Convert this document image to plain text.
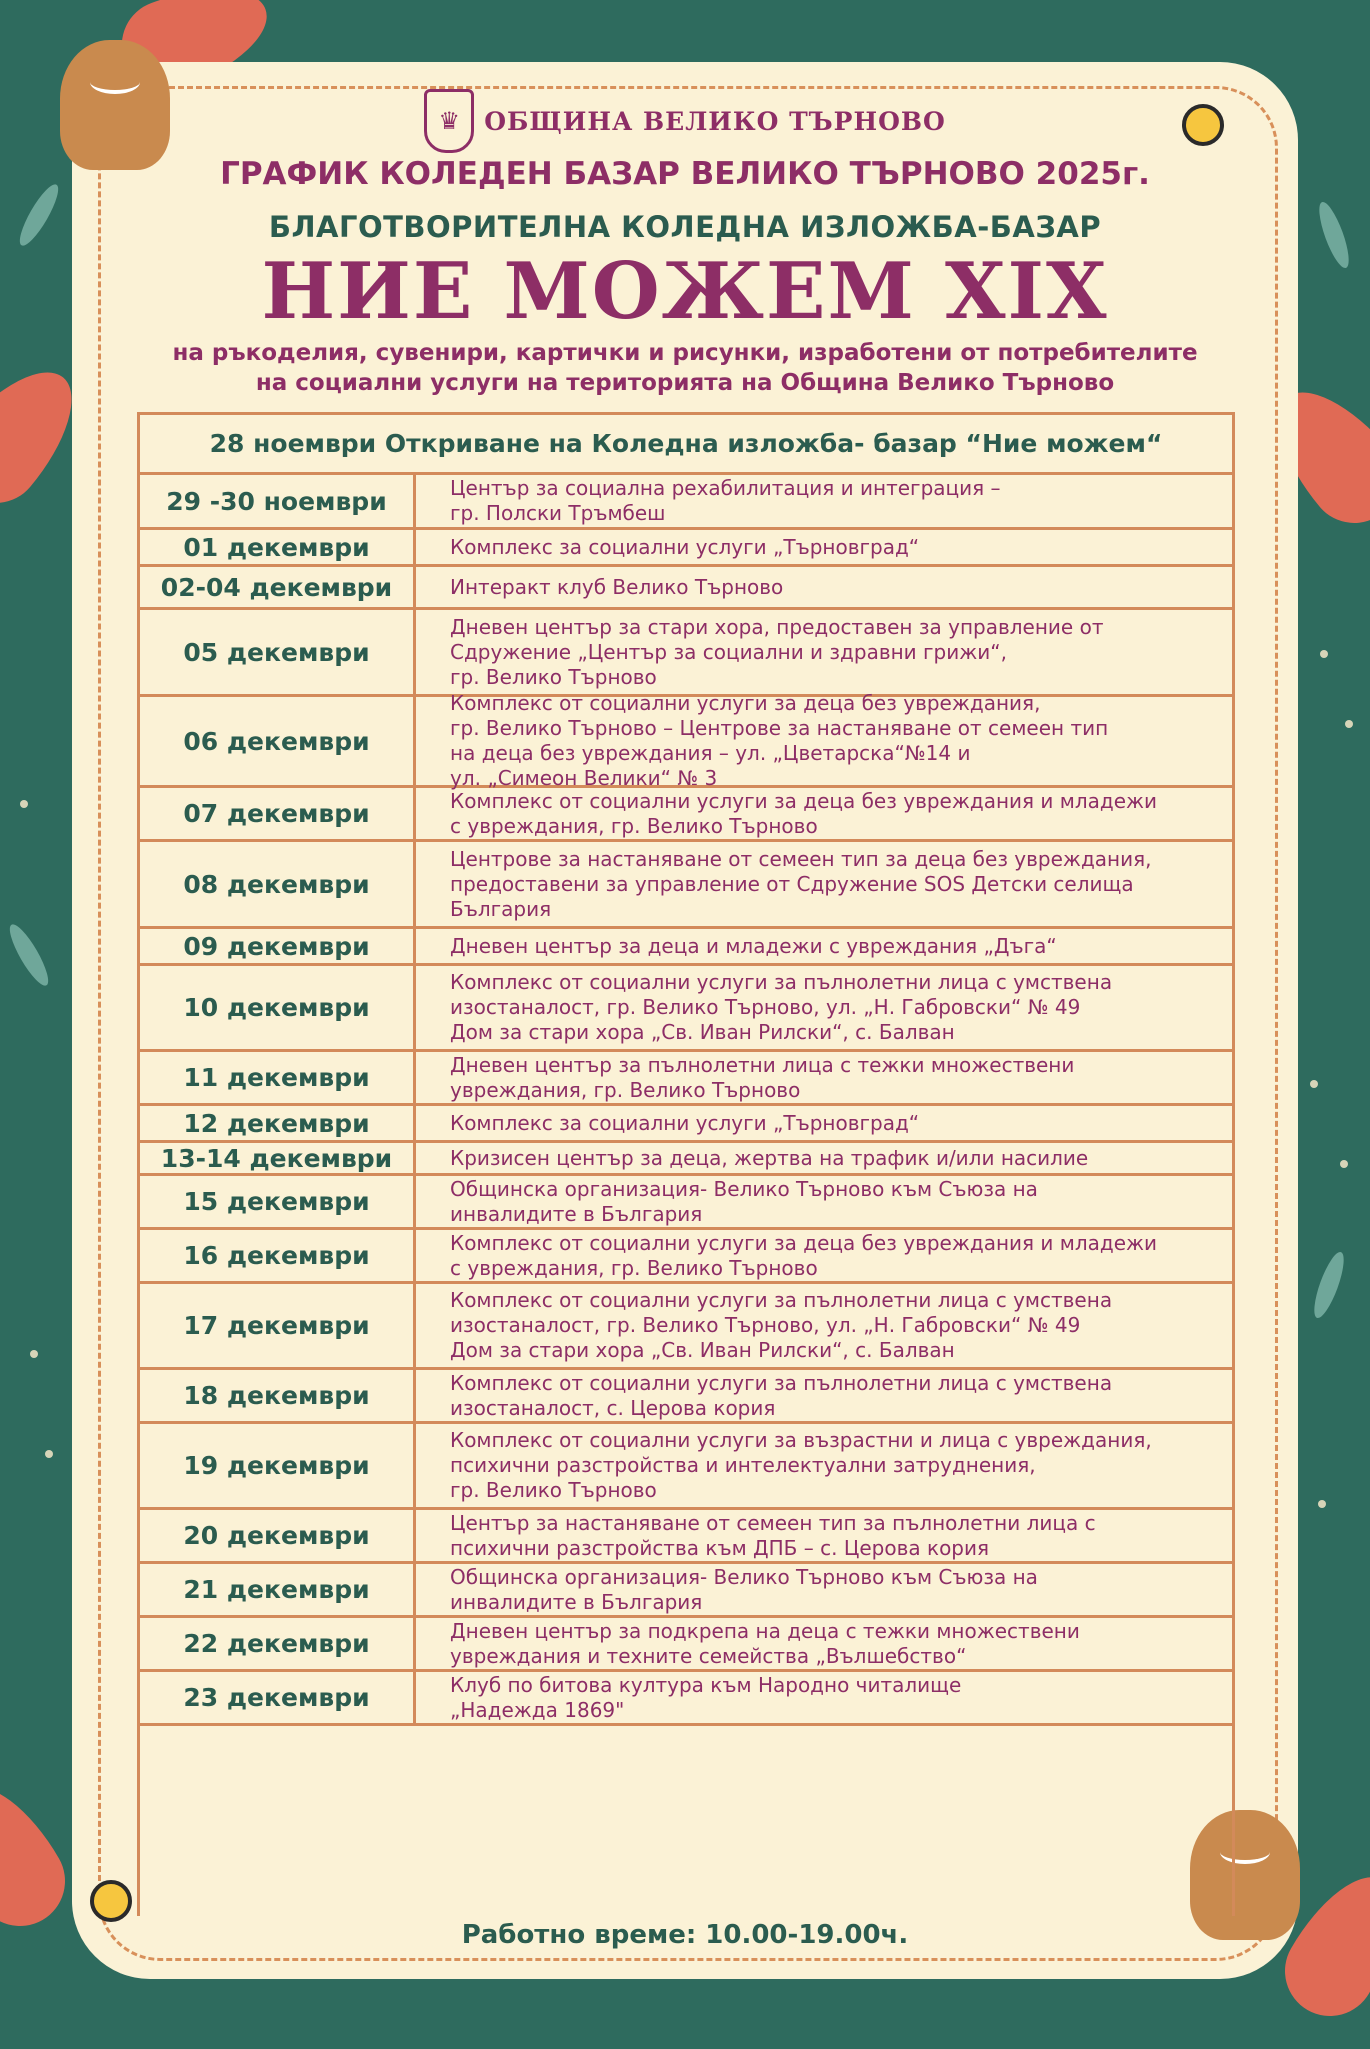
♛ ОБЩИНА ВЕЛИКО ТЪРНОВО
ГРАФИК КОЛЕДЕН БАЗАР ВЕЛИКО ТЪРНОВО 2025г.
БЛАГОТВОРИТЕЛНА КОЛЕДНА ИЗЛОЖБА-БАЗАР
НИЕ МОЖЕМ XIX
на ръкоделия, сувенири, картички и рисунки, изработени от потребителите
на социални услуги на територията на Община Велико Търново
28 ноември Откриване на Коледна изложба- базар “Ние можем“
29 -30 ноември	Център за социална рехабилитация и интеграция –
гр. Полски Тръмбеш
01 декември	Комплекс за социални услуги „Търновград“
02-04 декември	Интеракт клуб Велико Търново
05 декември
Дневен център за стари хора, предоставен за управление от
Сдружение „Център за социални и здравни грижи“,
гр. Велико Търново
06 декември
Комплекс от социални услуги за деца без увреждания,
гр. Велико Търново – Центрове за настаняване от семеен тип
на деца без увреждания – ул. „Цветарска“№14 и
ул. „Симеон Велики“ № 3
07 декември	Комплекс от социални услуги за деца без увреждания и младежи
с увреждания, гр. Велико Търново
08 декември
Центрове за настаняване от семеен тип за деца без увреждания,
предоставени за управление от Сдружение SOS Детски селища
България
09 декември	Дневен център за деца и младежи с увреждания „Дъга“
10 декември
Комплекс от социални услуги за пълнолетни лица с умствена
изостаналост, гр. Велико Търново, ул. „Н. Габровски“ № 49
Дом за стари хора „Св. Иван Рилски“, с. Балван
11 декември	Дневен център за пълнолетни лица с тежки множествени
увреждания, гр. Велико Търново
12 декември	Комплекс за социални услуги „Търновград“
13-14 декември	Кризисен център за деца, жертва на трафик и/или насилие
15 декември	Общинска организация- Велико Търново към Съюза на
инвалидите в България
16 декември	Комплекс от социални услуги за деца без увреждания и младежи
с увреждания, гр. Велико Търново
17 декември
Комплекс от социални услуги за пълнолетни лица с умствена
изостаналост, гр. Велико Търново, ул. „Н. Габровски“ № 49
Дом за стари хора „Св. Иван Рилски“, с. Балван
18 декември	Комплекс от социални услуги за пълнолетни лица с умствена
изостаналост, с. Церова кория
19 декември
Комплекс от социални услуги за възрастни и лица с увреждания,
психични разстройства и интелектуални затруднения,
гр. Велико Търново
20 декември	Център за настаняване от семеен тип за пълнолетни лица с
психични разстройства към ДПБ – с. Церова кория
21 декември	Общинска организация- Велико Търново към Съюза на
инвалидите в България
22 декември	Дневен център за подкрепа на деца с тежки множествени
увреждания и техните семейства „Вълшебство“
23 декември	Клуб по битова култура към Народно читалище
„Надежда 1869"
Работно време: 10.00-19.00ч.
